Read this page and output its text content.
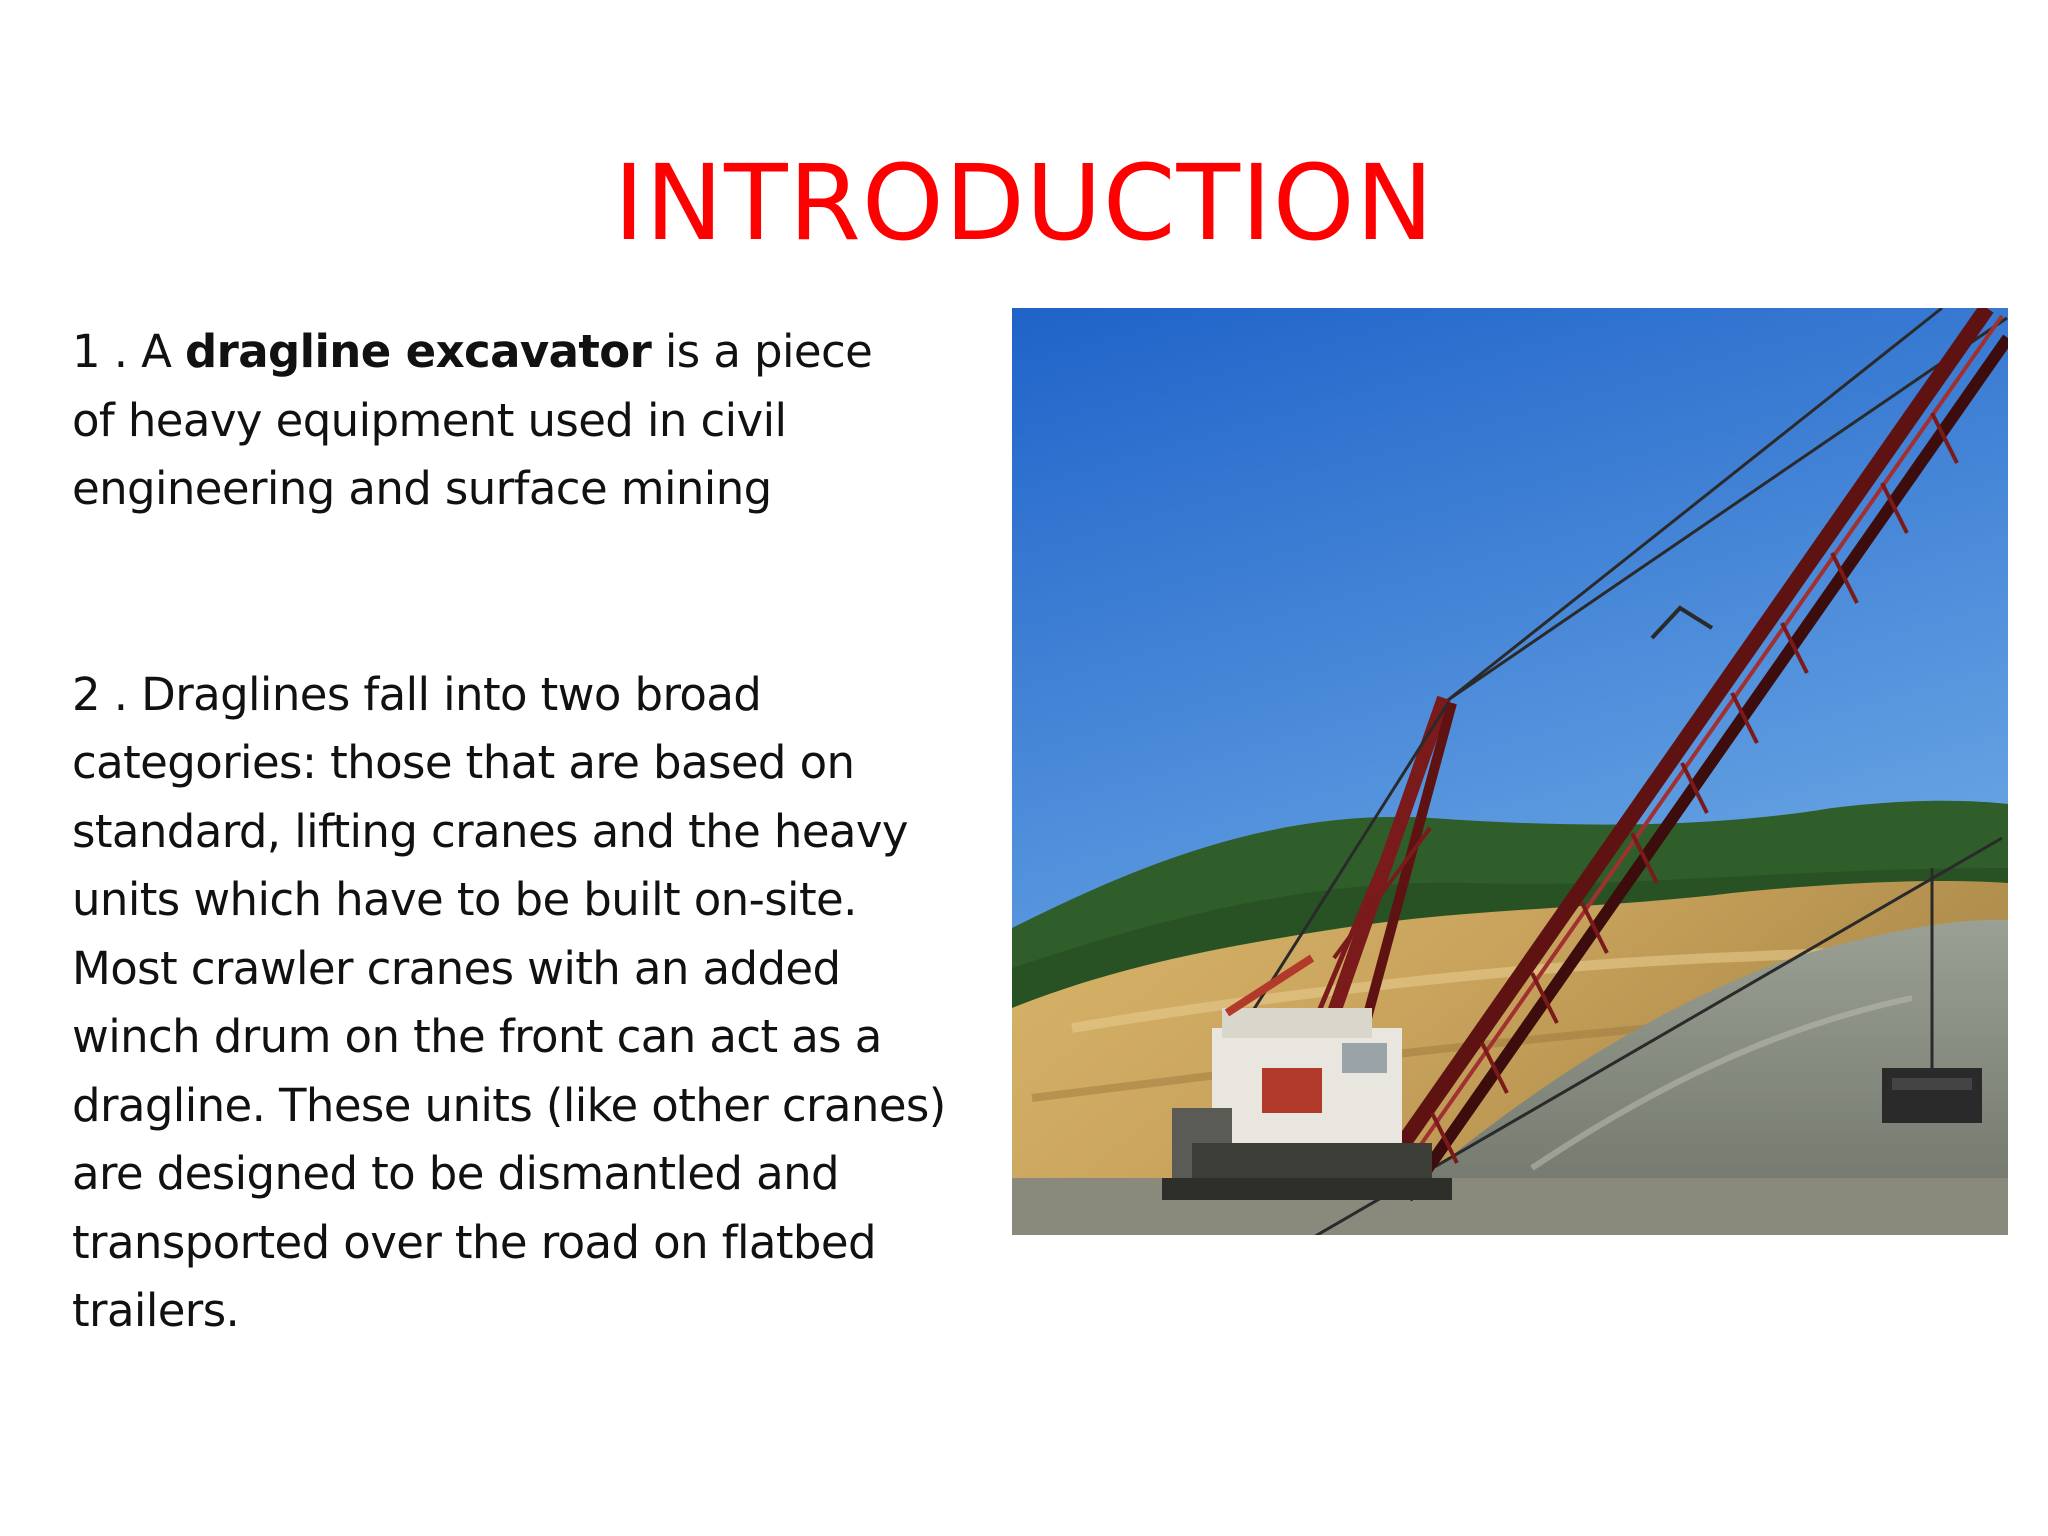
INTRODUCTION

1 . A dragline excavator is a piece
of heavy equipment used in civil
engineering and surface mining

2 . Draglines fall into two broad
categories: those that are based on
standard, lifting cranes and the heavy
units which have to be built on-site.
Most crawler cranes with an added
winch drum on the front can act as a
dragline. These units (like other cranes)
are designed to be dismantled and
transported over the road on flatbed
trailers.
